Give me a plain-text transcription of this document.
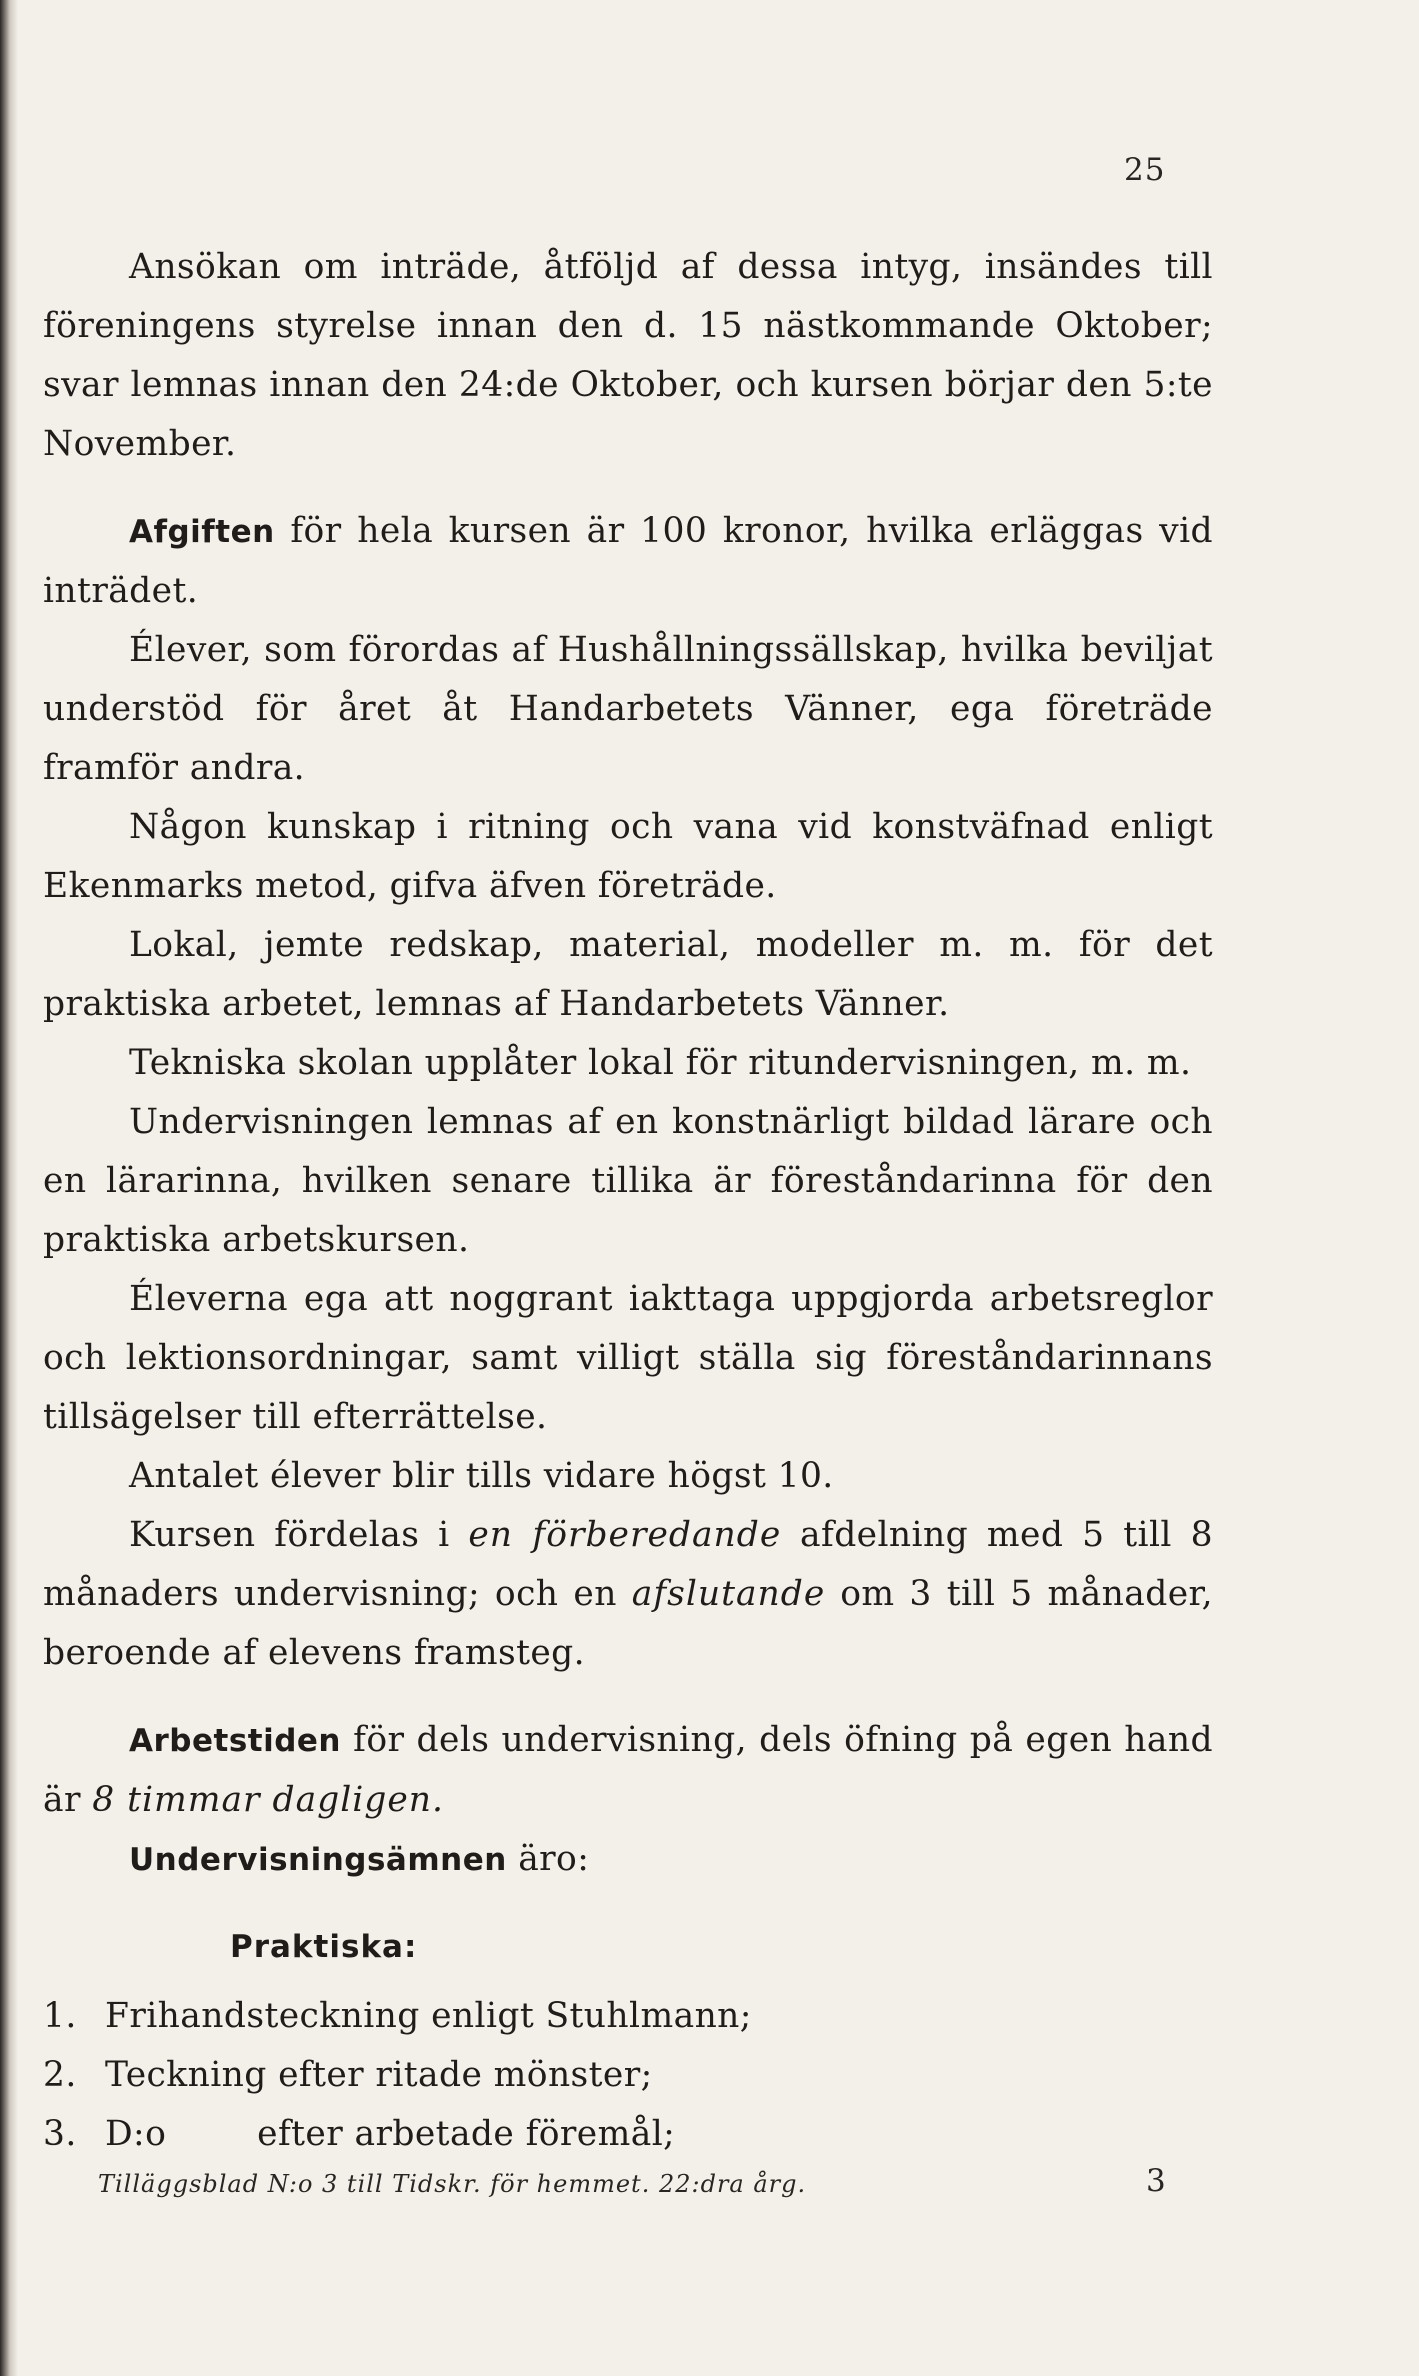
25

Ansökan om inträde, åtföljd af dessa intyg, insändes till föreningens styrelse innan den d. 15 nästkommande Oktober; svar lemnas innan den 24:de Oktober, och kursen börjar den 5:te November.

Afgiften för hela kursen är 100 kronor, hvilka erläggas vid inträdet.

Élever, som förordas af Hushållningssällskap, hvilka beviljat understöd för året åt Handarbetets Vänner, ega företräde framför andra.

Någon kunskap i ritning och vana vid konstväfnad enligt Ekenmarks metod, gifva äfven företräde.

Lokal, jemte redskap, material, modeller m. m. för det praktiska arbetet, lemnas af Handarbetets Vänner.

Tekniska skolan upplåter lokal för ritundervisningen, m. m.

Undervisningen lemnas af en konstnärligt bildad lärare och en lärarinna, hvilken senare tillika är föreståndarinna för den praktiska arbetskursen.

Éleverna ega att noggrant iakttaga uppgjorda arbetsreglor och lektionsordningar, samt villigt ställa sig föreståndarinnans tillsägelser till efterrättelse.

Antalet élever blir tills vidare högst 10.

Kursen fördelas i en förberedande afdelning med 5 till 8 månaders undervisning; och en afslutande om 3 till 5 månader, beroende af elevens framsteg.

Arbetstiden för dels undervisning, dels öfning på egen hand är 8 timmar dagligen.

Undervisningsämnen äro:

Praktiska:

1. Frihandsteckning enligt Stuhlmann;
2. Teckning efter ritade mönster;
3. D:o        efter arbetade föremål;
Tilläggsblad N:o 3 till Tidskr. för hemmet. 22:dra årg.	3
